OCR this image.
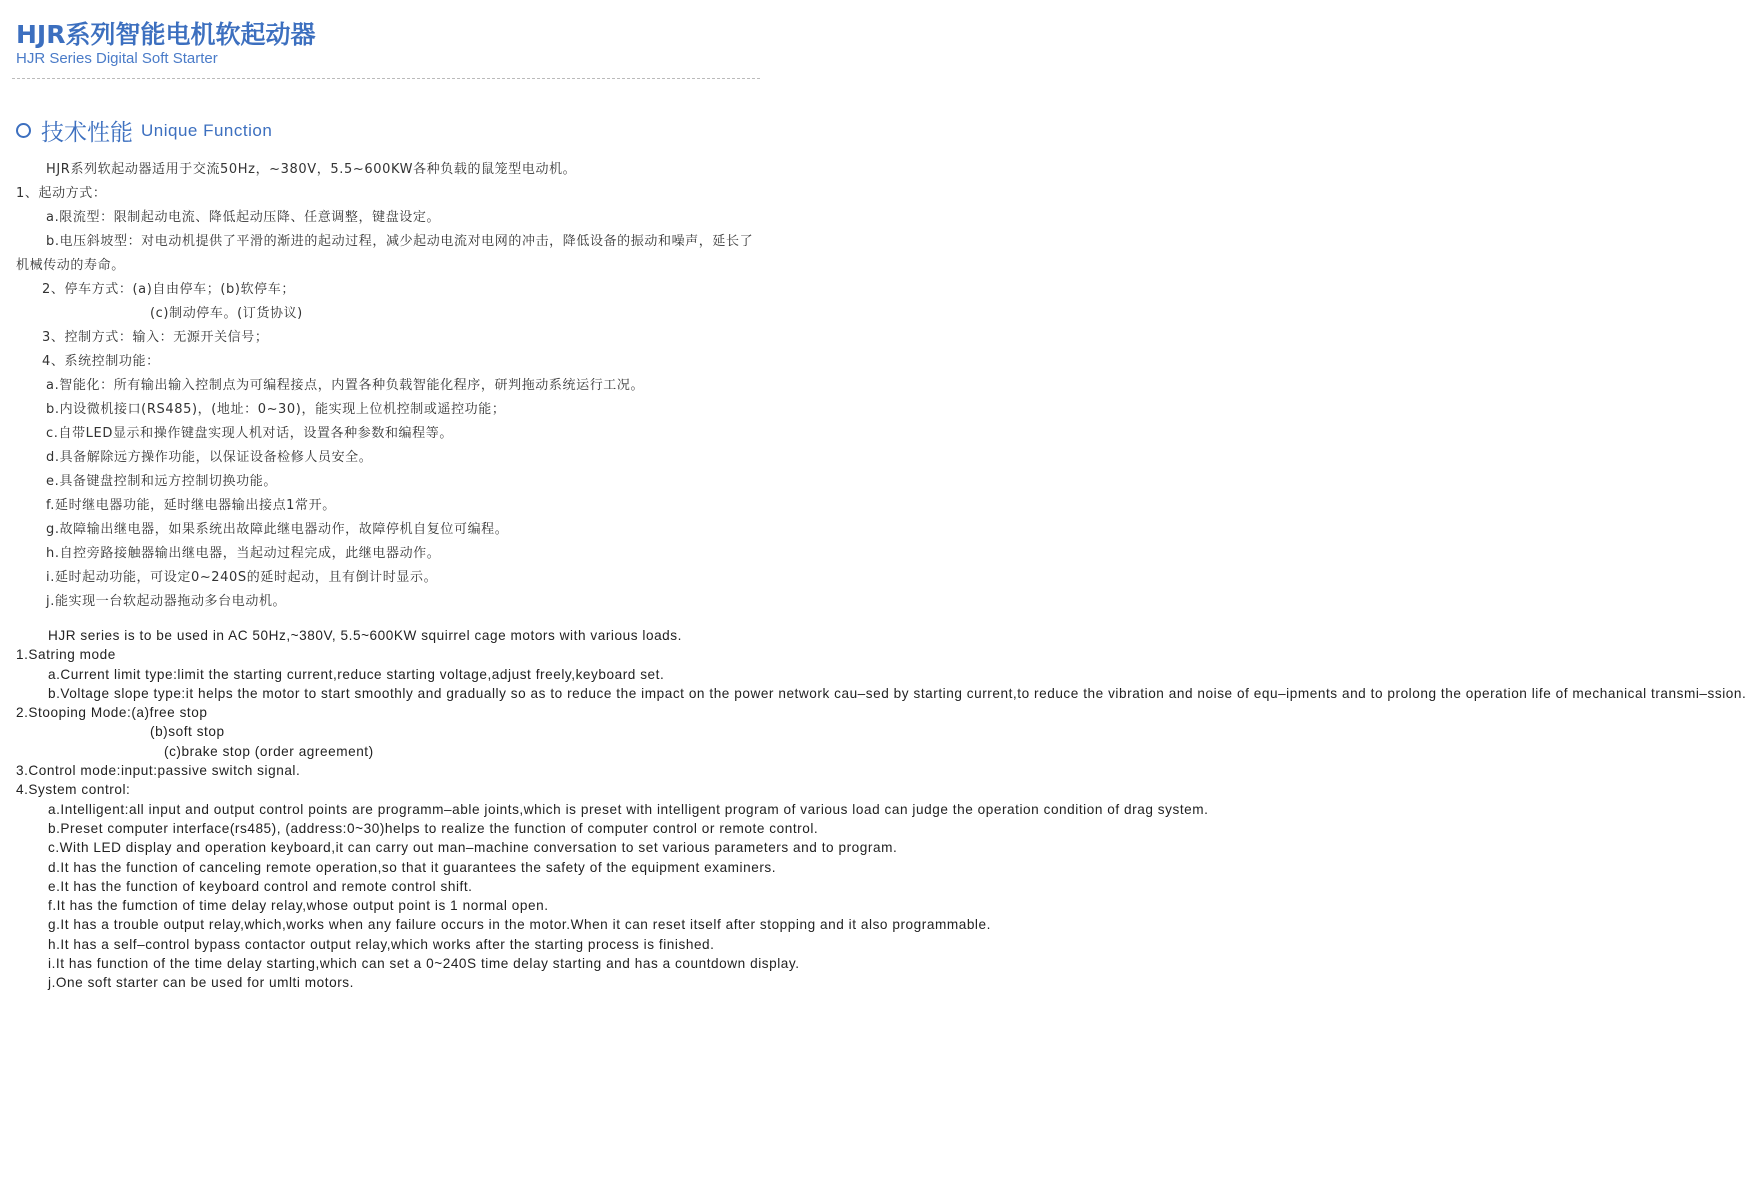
HJR系列智能电机软起动器
HJR Series Digital Soft Starter
技术性能 Unique Function
HJR系列软起动器适用于交流50Hz，~380V，5.5~600KW各种负载的鼠笼型电动机。
1、起动方式：
a.限流型：限制起动电流、降低起动压降、任意调整，键盘设定。
b.电压斜坡型：对电动机提供了平滑的渐进的起动过程，减少起动电流对电网的冲击，降低设备的振动和噪声，延长了机械传动的寿命。
2、停车方式：(a)自由停车；(b)软停车；
(c)制动停车。(订货协议)
3、控制方式：输入：无源开关信号；
4、系统控制功能：
a.智能化：所有输出输入控制点为可编程接点，内置各种负载智能化程序，研判拖动系统运行工况。
b.内设微机接口(RS485)，(地址：0~30)，能实现上位机控制或遥控功能；
c.自带LED显示和操作键盘实现人机对话，设置各种参数和编程等。
d.具备解除远方操作功能，以保证设备检修人员安全。
e.具备键盘控制和远方控制切换功能。
f.延时继电器功能，延时继电器输出接点1常开。
g.故障输出继电器，如果系统出故障此继电器动作，故障停机自复位可编程。
h.自控旁路接触器输出继电器，当起动过程完成，此继电器动作。
i.延时起动功能，可设定0~240S的延时起动，且有倒计时显示。
j.能实现一台软起动器拖动多台电动机。
HJR series is to be used in AC 50Hz,~380V, 5.5~600KW squirrel cage motors with various loads.
1.Satring mode
a.Current limit type:limit the starting current,reduce starting voltage,adjust freely,keyboard set.
b.Voltage slope type:it helps the motor to start smoothly and gradually so as to reduce the impact on the power network cau–sed by starting current,to reduce the vibration and noise of equ–ipments and to prolong the operation life of mechanical transmi–ssion.
2.Stooping Mode:(a)free stop
(b)soft stop
(c)brake stop (order agreement)
3.Control mode:input:passive switch signal.
4.System control:
a.Intelligent:all input and output control points are programm–able joints,which is preset with intelligent program of various load can judge the operation condition of drag system.
b.Preset computer interface(rs485), (address:0~30)helps to realize the function of computer control or remote control.
c.With LED display and operation keyboard,it can carry out man–machine conversation to set various parameters and to program.
d.It has the function of canceling remote operation,so that it guarantees the safety of the equipment examiners.
e.It has the function of keyboard control and remote control shift.
f.It has the fumction of time delay relay,whose output point is 1 normal open.
g.It has a trouble output relay,which,works when any failure occurs in the motor.When it can reset itself after stopping and it also programmable.
h.It has a self–control bypass contactor output relay,which works after the starting process is finished.
i.It has function of the time delay starting,which can set a 0~240S time delay starting and has a countdown display.
j.One soft starter can be used for umlti motors.
